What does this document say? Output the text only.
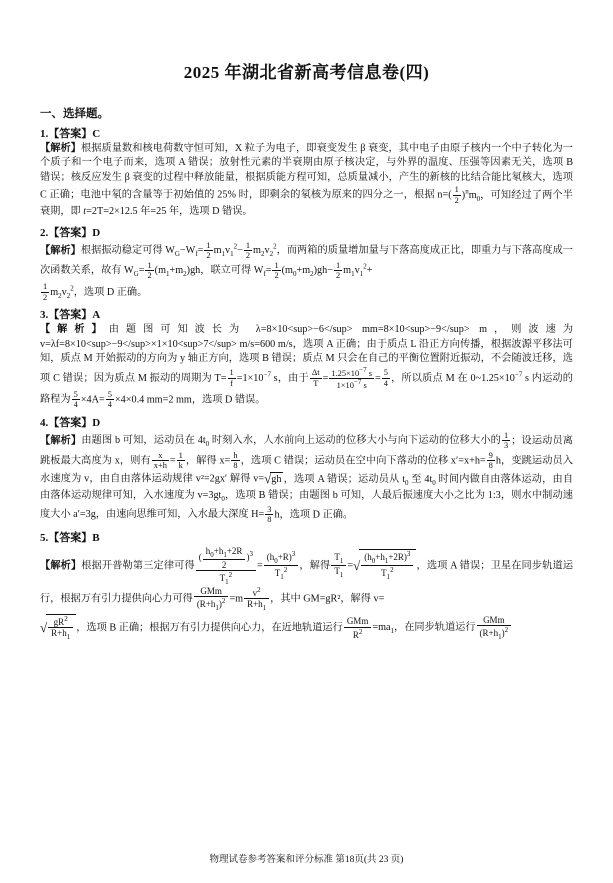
2025 年湖北省新高考信息卷(四)
一、选择题。
1.【答案】C
【解析】根据质量数和核电荷数守恒可知，X 粒子为电子，即衰变发生 β 衰变，其中电子由原子核内一个中子转化为一个质子和一个电子而来，选项 A 错误；放射性元素的半衰期由原子核决定，与外界的温度、压强等因素无关，选项 B 错误；核反应发生 β 衰变的过程中释放能量，根据质能方程可知，总质量减小，产生的新核的比结合能比氡核大，选项 C 正确；电池中氡的含量等于初始值的 25% 时，即剩余的氡核为原来的四分之一，根据 $n=( \frac{1}{2} )^nm_0$，可知经过了两个半衰期，即 t=2T=2×12.5 年=25 年，选项 D 错误。
2.【答案】D
【解析】根据振动稳定可得 $W_G-W_f= \frac{1}{2} m_1v_1^2- \frac{1}{2} m_2v_2^2$，而两箱的质量增加量与下落高度成正比，即重力与下落高度成一次函数关系，故有 $W_G= \frac{1}{2} (m_1+m_2)gh$，联立可得 $W_f= \frac{1}{2} (m_0+m_2)gh- \frac{1}{2} m_1v_1^2+$
$\frac{1}{2} m_2v_2^2$，选项 D 正确。
3.【答案】A
【解析】由题图可知波长为 λ=8×10<sup>−6</sup> mm=8×10<sup>−9</sup> m，则波速为 v=λf=8×10<sup>−9</sup>×1×10<sup>7</sup> m/s=600 m/s，选项 A 正确；由于质点 L 沿正方向传播，根据波源平移法可知，质点 M 开始振动的方向为 y 轴正方向，选项 B 错误；质点 M 只会在自己的平衡位置附近振动，不会随波迁移，选项 C 错误；因为质点 M 振动的周期为 $T= \frac{1}{f} =1\times 10^{-7}$ s，由于 $\frac{\Delta t}{T} = \frac{1.25\times 10^{-7} s}{1\times 10^{-7} s} = \frac{5}{4}$ ，所以质点 M 在 $0\sim 1.25\times 10^{-7}$ s 内运动的路程为 $\frac{5}{4} \times 4A= \frac{5}{4} \times 4\times 0.4$ mm=2 mm，选项 D 错误。
4.【答案】D
【解析】由题图 b 可知，运动员在 $4t_0$ 时刻入水，人水前向上运动的位移大小与向下运动的位移大小的 $\frac{1}{3}$ ；设运动员离跳板最大高度为 x，则有 $\frac{x}{x+h} = \frac{1}{k}$ ，解得 $x= \frac{h}{8}$ ，选项 C 错误；运动员在空中向下落动的位移 $x'=x+h= \frac{9}{8}$ h，变跳运动员入水速度为 v，由自由落体运动规律 v²=2gx′ 解得 v=√gh ，选项 A 错误；运动员从 $t_0$ 至 $4t_0$ 时间内做自由落体运动，由自由落体运动规律可知，入水速度为 $v=3gt_0$，选项 B 错误；由题图 b 可知，人最后振速度大小之比为 1:3，则水中制动速度大小 a′=3g，由速向思维可知，入水最大深度 $H= \frac{3}{8}$ h，选项 D 正确。
5.【答案】B
【解析】根据开普勒第三定律可得 $\frac{( \frac{h_0+h_1+2R}{2} )^3}{T_1^2} = \frac{(h_0+R)^3}{T_1^2}$ ，解得 $\frac{T_1}{T_1}$ =√ $\frac{(h_0+h_1+2R)^3}{T_1^2}$ ，选项 A 错误；卫星在同步轨道运行，根据万有引力提供向心力可得 $\frac{\text{GMm}}{(R+h_1)^2} =m \frac{v^2}{R+h_1}$ ，其中 GM=gR²，解得 v=
√ $\frac{gR^2}{R+h_1}$ ，选项 B 正确；根据万有引力提供向心力，在近地轨道运行 $\frac{\text{GMm}}{R^2} =ma_1$，在同步轨道运行 $\frac{\text{GMm}}{(R+h_1)^2}$
物理试卷参考答案和评分标准 第18页(共 23 页)
